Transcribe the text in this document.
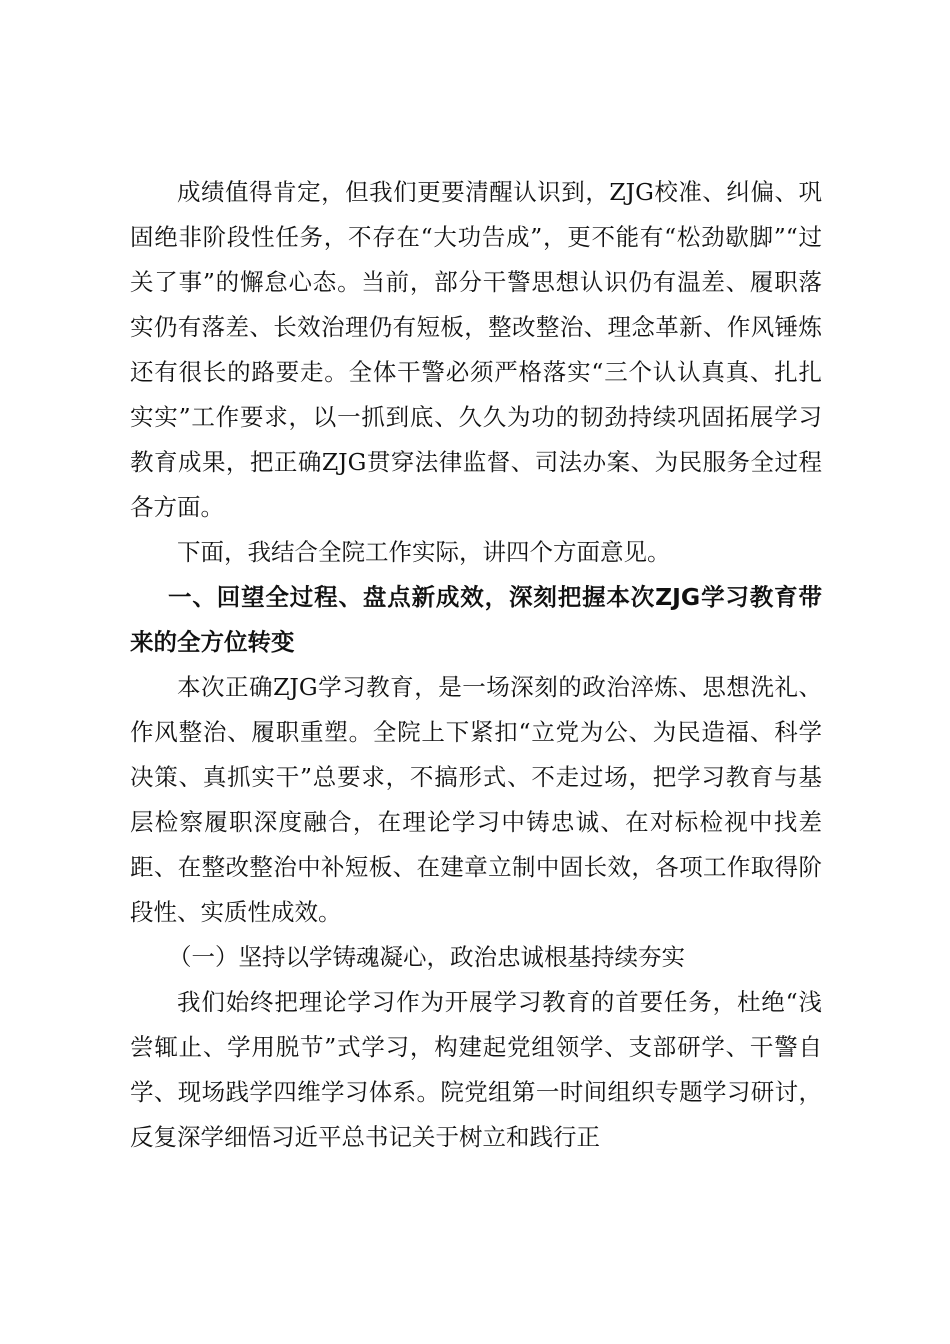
成绩值得肯定，但我们更要清醒认识到，ZJG校准、纠偏、巩固绝非阶段性任务，不存在“大功告成”，更不能有“松劲歇脚”“过关了事”的懈怠心态。当前，部分干警思想认识仍有温差、履职落实仍有落差、长效治理仍有短板，整改整治、理念革新、作风锤炼还有很长的路要走。全体干警必须严格落实“三个认认真真、扎扎实实”工作要求，以一抓到底、久久为功的韧劲持续巩固拓展学习教育成果，把正确ZJG贯穿法律监督、司法办案、为民服务全过程各方面。

下面，我结合全院工作实际，讲四个方面意见。

一、回望全过程、盘点新成效，深刻把握本次ZJG学习教育带来的全方位转变

本次正确ZJG学习教育，是一场深刻的政治淬炼、思想洗礼、作风整治、履职重塑。全院上下紧扣“立党为公、为民造福、科学决策、真抓实干”总要求，不搞形式、不走过场，把学习教育与基层检察履职深度融合，在理论学习中铸忠诚、在对标检视中找差距、在整改整治中补短板、在建章立制中固长效，各项工作取得阶段性、实质性成效。

（一）坚持以学铸魂凝心，政治忠诚根基持续夯实

我们始终把理论学习作为开展学习教育的首要任务，杜绝“浅尝辄止、学用脱节”式学习，构建起党组领学、支部研学、干警自学、现场践学四维学习体系。院党组第一时间组织专题学习研讨，反复深学细悟习近平总书记关于树立和践行正
